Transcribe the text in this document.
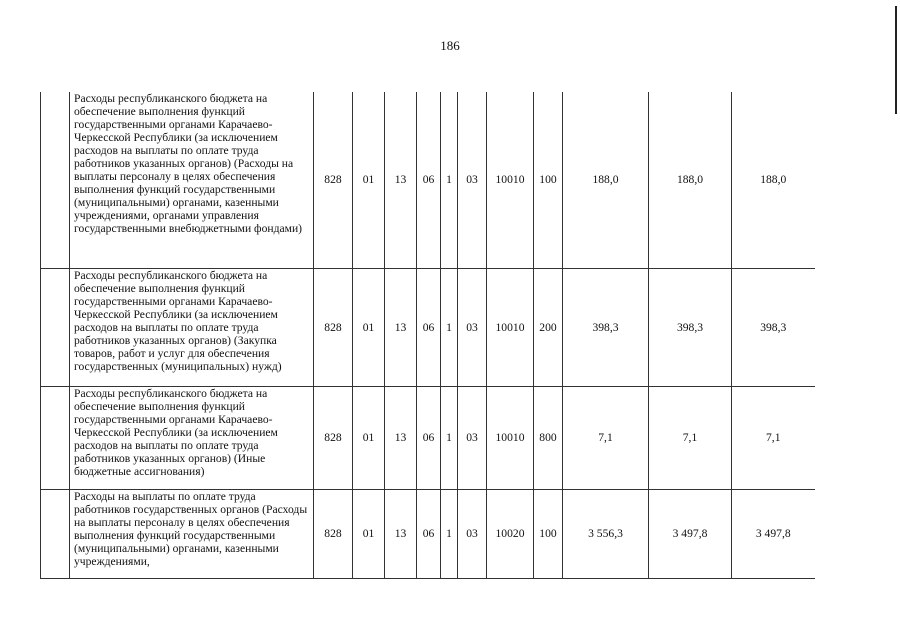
186
	Расходы республиканского бюджета на обеспечение выполнения функций государственными органами Карачаево-Черкесской Республики (за исключением расходов на выплаты по оплате труда работников указанных органов) (Расходы на выплаты персоналу в целях обеспечения выполнения функций государственными (муниципальными) органами, казенными учреждениями, органами управления государственными внебюджетными фондами)	828	01	13	06	1	03	10010	100	188,0	188,0	188,0
	Расходы республиканского бюджета на обеспечение выполнения функций государственными органами Карачаево-Черкесской Республики (за исключением расходов на выплаты по оплате труда работников указанных органов) (Закупка товаров, работ и услуг для обеспечения государственных (муниципальных) нужд)	828	01	13	06	1	03	10010	200	398,3	398,3	398,3
	Расходы республиканского бюджета на обеспечение выполнения функций государственными органами Карачаево-Черкесской Республики (за исключением расходов на выплаты по оплате труда работников указанных органов) (Иные бюджетные ассигнования)	828	01	13	06	1	03	10010	800	7,1	7,1	7,1
	Расходы на выплаты по оплате труда работников государственных органов (Расходы на выплаты персоналу в целях обеспечения выполнения функций государственными (муниципальными) органами, казенными учреждениями,	828	01	13	06	1	03	10020	100	3 556,3	3 497,8	3 497,8
